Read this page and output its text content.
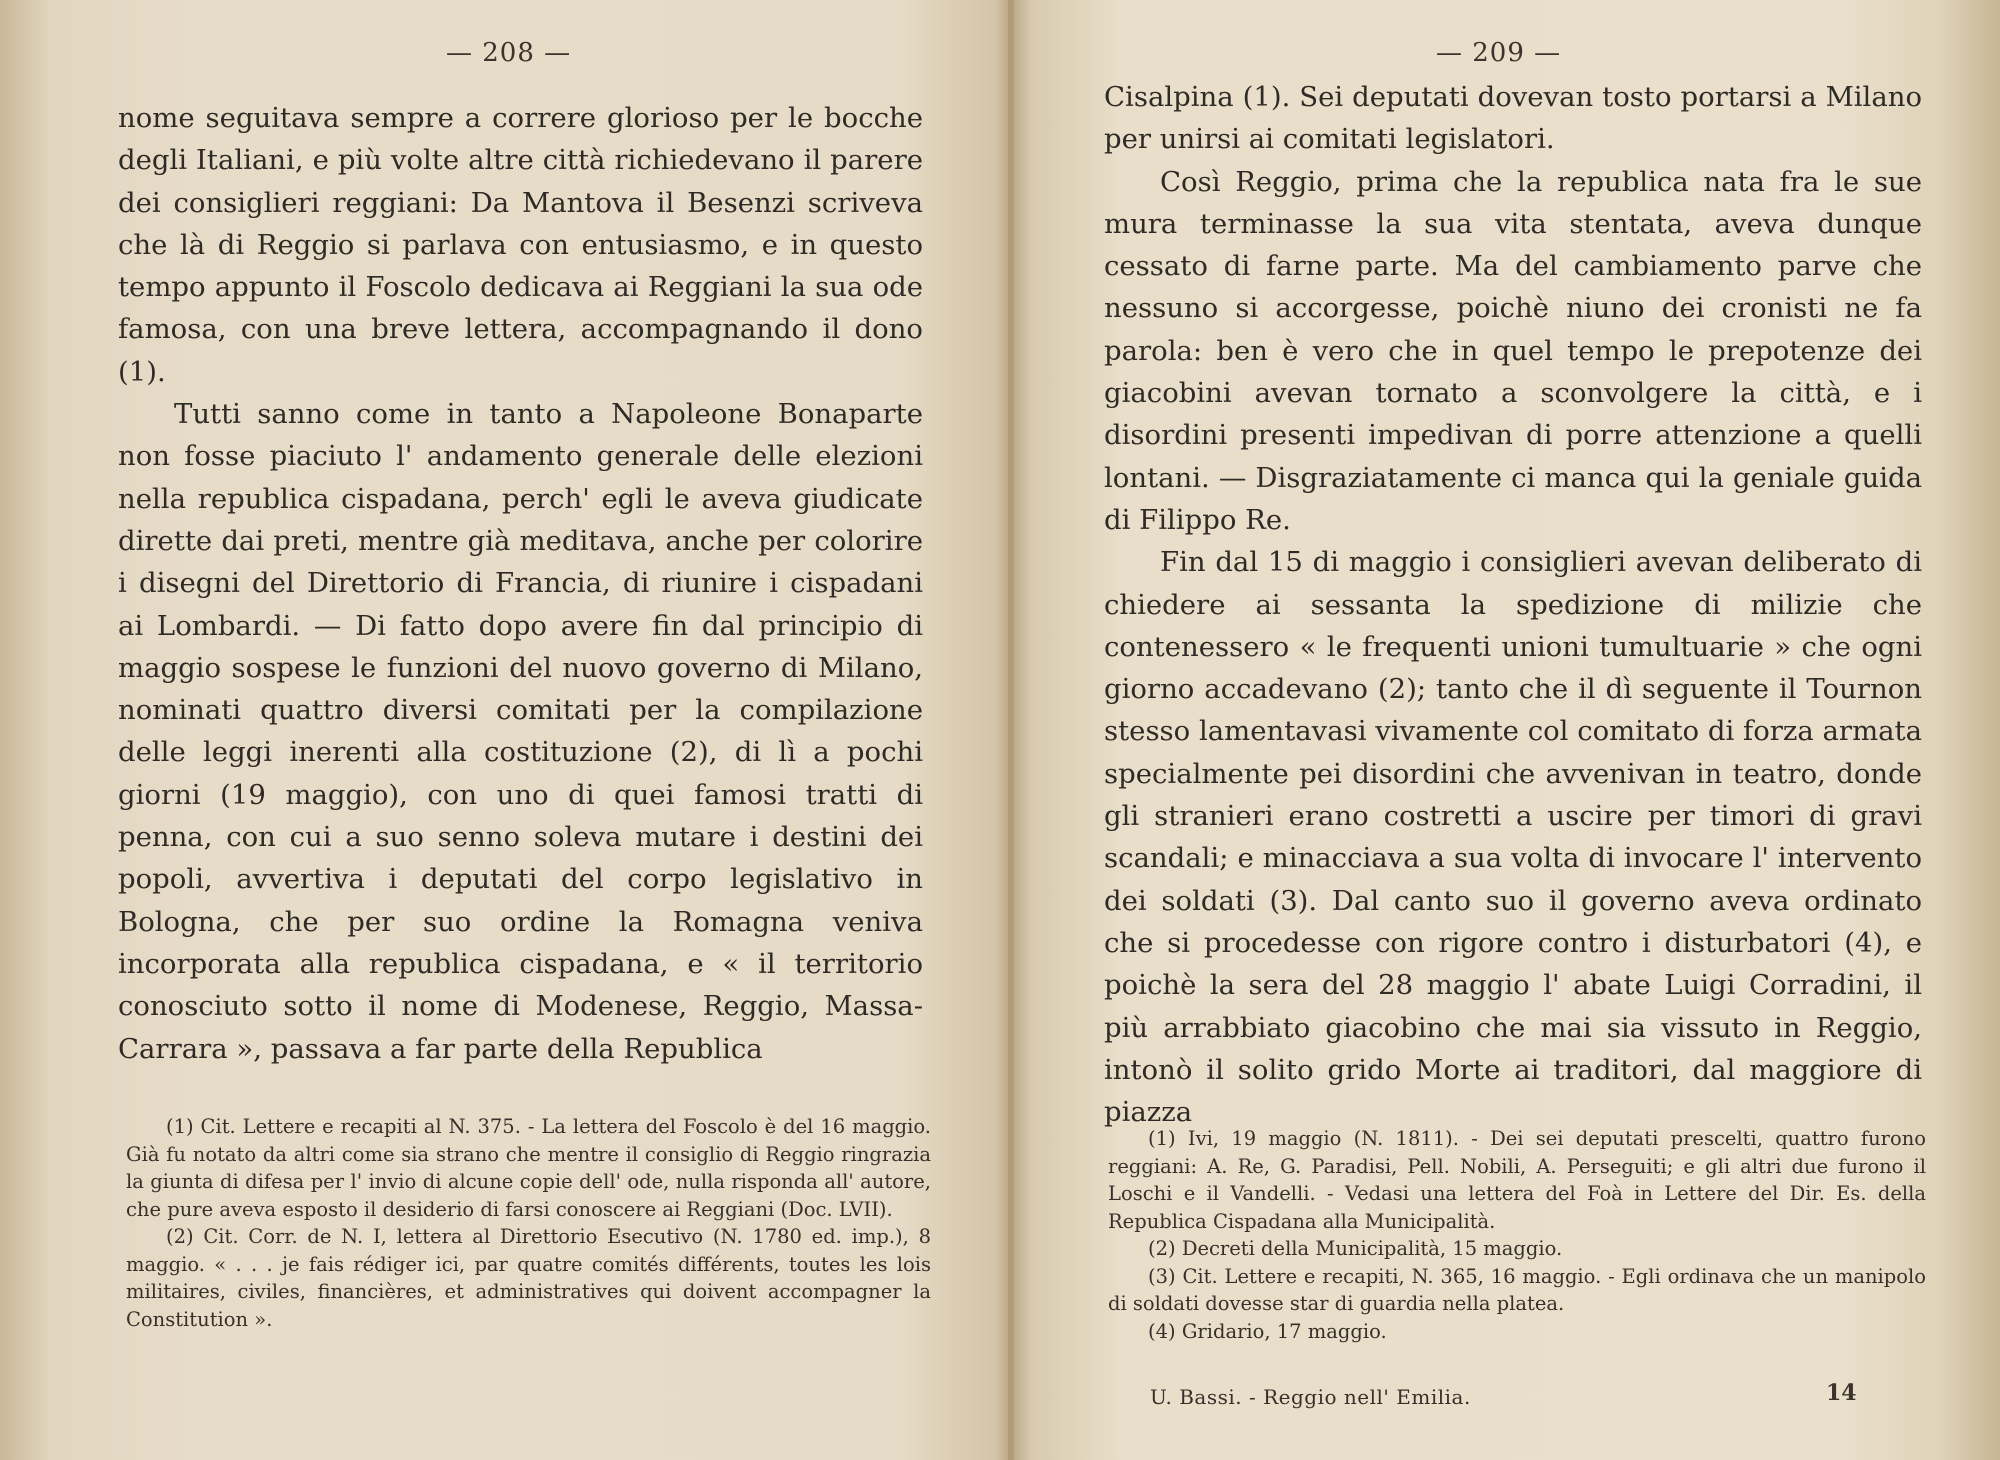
— 208 —

nome seguitava sempre a correre glorioso per le bocche degli Italiani, e più volte altre città richiedevano il parere dei consiglieri reggiani: Da Mantova il Besenzi scriveva che là di Reggio si parlava con entusiasmo, e in questo tempo appunto il Foscolo dedicava ai Reggiani la sua ode famosa, con una breve lettera, accompagnando il dono (1).

Tutti sanno come in tanto a Napoleone Bonaparte non fosse piaciuto l' andamento generale delle elezioni nella republica cispadana, perch' egli le aveva giudicate dirette dai preti, mentre già meditava, anche per colorire i disegni del Direttorio di Francia, di riunire i cispadani ai Lombardi. — Di fatto dopo avere fin dal principio di maggio sospese le funzioni del nuovo governo di Milano, nominati quattro diversi comitati per la compilazione delle leggi inerenti alla costituzione (2), di lì a pochi giorni (19 maggio), con uno di quei famosi tratti di penna, con cui a suo senno soleva mutare i destini dei popoli, avvertiva i deputati del corpo legislativo in Bologna, che per suo ordine la Romagna veniva incorporata alla republica cispadana, e « il territorio conosciuto sotto il nome di Modenese, Reggio, Massa-Carrara », passava a far parte della Republica

(1) Cit. Lettere e recapiti al N. 375. - La lettera del Foscolo è del 16 maggio. Già fu notato da altri come sia strano che mentre il consiglio di Reggio ringrazia la giunta di difesa per l' invio di alcune copie dell' ode, nulla risponda all' autore, che pure aveva esposto il desiderio di farsi conoscere ai Reggiani (Doc. LVII).

(2) Cit. Corr. de N. I, lettera al Direttorio Esecutivo (N. 1780 ed. imp.), 8 maggio. « . . . je fais rédiger ici, par quatre comités différents, toutes les lois militaires, civiles, financières, et administratives qui doivent accompagner la Constitution ».

— 209 —

Cisalpina (1). Sei deputati dovevan tosto portarsi a Milano per unirsi ai comitati legislatori.

Così Reggio, prima che la republica nata fra le sue mura terminasse la sua vita stentata, aveva dunque cessato di farne parte. Ma del cambiamento parve che nessuno si accorgesse, poichè niuno dei cronisti ne fa parola: ben è vero che in quel tempo le prepotenze dei giacobini avevan tornato a sconvolgere la città, e i disordini presenti impedivan di porre attenzione a quelli lontani. — Disgraziatamente ci manca qui la geniale guida di Filippo Re.

Fin dal 15 di maggio i consiglieri avevan deliberato di chiedere ai sessanta la spedizione di milizie che contenessero « le frequenti unioni tumultuarie » che ogni giorno accadevano (2); tanto che il dì seguente il Tournon stesso lamentavasi vivamente col comitato di forza armata specialmente pei disordini che avvenivan in teatro, donde gli stranieri erano costretti a uscire per timori di gravi scandali; e minacciava a sua volta di invocare l' intervento dei soldati (3). Dal canto suo il governo aveva ordinato che si procedesse con rigore contro i disturbatori (4), e poichè la sera del 28 maggio l' abate Luigi Corradini, il più arrabbiato giacobino che mai sia vissuto in Reggio, intonò il solito grido Morte ai traditori, dal maggiore di piazza

(1) Ivi, 19 maggio (N. 1811). - Dei sei deputati prescelti, quattro furono reggiani: A. Re, G. Paradisi, Pell. Nobili, A. Perseguiti; e gli altri due furono il Loschi e il Vandelli. - Vedasi una lettera del Foà in Lettere del Dir. Es. della Republica Cispadana alla Municipalità.

(2) Decreti della Municipalità, 15 maggio.

(3) Cit. Lettere e recapiti, N. 365, 16 maggio. - Egli ordinava che un manipolo di soldati dovesse star di guardia nella platea.

(4) Gridario, 17 maggio.

U. Bassi. - Reggio nell' Emilia.	14
